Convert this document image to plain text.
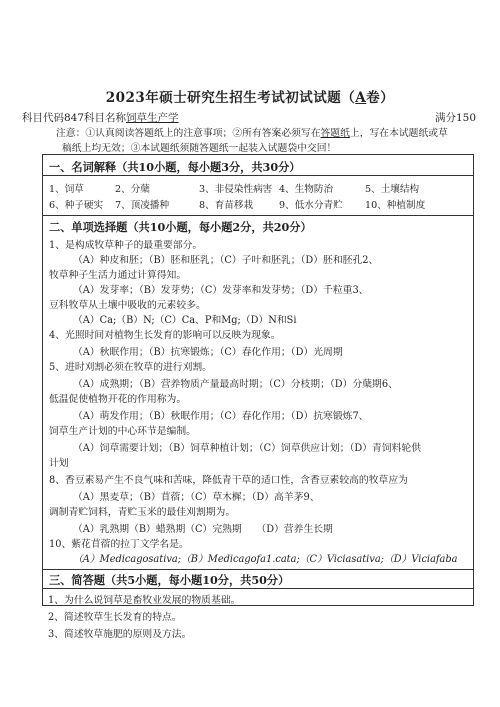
2023年硕士研究生招生考试初试试题（A卷）
科目代码847科目名称饲草生产学	满分150
注意：①认真阅读答题纸上的注意事项；②所有答案必须写在答题纸上，写在本试题纸或草
稿纸上均无效；③本试题纸须随答题纸一起装入试题袋中交回！
一、名词解释（共10小题，每小题3分，共30分）
1、饲草	2、分蘖	3、非侵染性病害 4、生物防治	5、土壤结构
6、种子硬实 7、顶凌播种	8、育苗移栽	9、低水分青贮 10、种植制度
二、单项选择题（共10小题，每小题2分，共20分）
1、是构成牧草种子的最重要部分。
（A）种皮和胚；（B）胚和胚乳；（C）子叶和胚乳；（D）胚和胚孔2、
牧草种子生活力通过计算得知。
（A）发芽率；（B）发芽势；（C）发芽率和发芽势；（D）千粒重3、
豆科牧草从土壤中吸收的元素较多。
（A）Ca;（B）N;（C）Ca、P和Mg;（D）N和Si
4、光照时间对植物生长发育的影响可以反映为现象。
（A）秋眠作用；（B）抗寒锻炼；（C）春化作用；（D）光周期
5、进时刈割必须在牧草的进行刈割。
（A）成熟期；（B）营养物质产量最高时期；（C）分枝期；（D）分蘖期6、
低温促使植物开花的作用称为。
（A）萌发作用；（B）秋眠作用；（C）春化作用；（D）抗寒锻炼7、
饲草生产计划的中心环节是编制。
（A）饲草需要计划；（B）饲草种植计划；（C）饲草供应计划；（D）青饲料轮供
计划
8、香豆素易产生不良气味和苦味，降低青干草的适口性，含香豆素较高的牧草应为
（A）黑麦草；（B）苜蓿；（C）草木樨；（D）高羊茅9、
调制青贮饲料，青贮玉米的最佳刈割期为。
（A）乳熟期（B）蜡熟期（C）完熟期　　（D）营养生长期
10、紫花苜蓿的拉丁文学名是。
（A）Medicagosativa;（B）Medicagofa1.cata;（C）Viciasativa;（D）Viciafaba
三、简答题（共5小题，每小题10分，共50分）
1、为什么说饲草是畜牧业发展的物质基础。
2、简述牧草生长发育的特点。
3、简述牧草施肥的原则及方法。
